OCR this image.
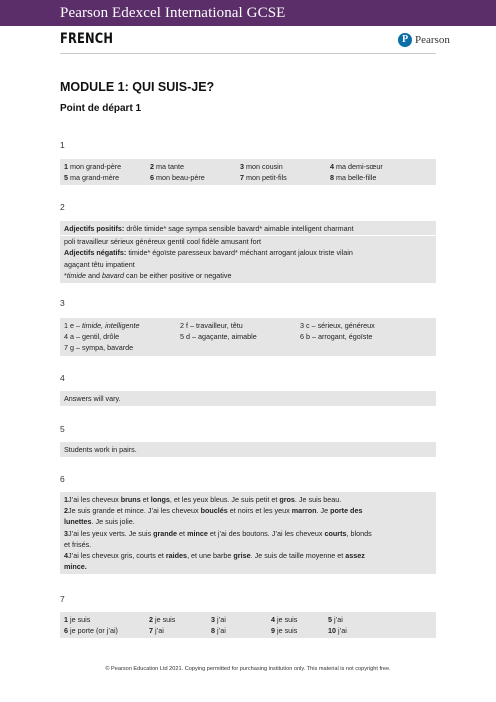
Pearson Edexcel International GCSE
FRENCH	P Pearson
MODULE 1: QUI SUIS-JE?
Point de départ 1
1
1 mon grand-père	2 ma tante	3 mon cousin	4 ma demi-sœur
5 ma grand-mère	6 mon beau-père	7 mon petit-fils	8 ma belle-fille
2
Adjectifs positifs:
drôle timide* sage sympa sensible bavard* aimable intelligent charmant
poli travailleur sérieux généreux gentil cool fidèle amusant fort
Adjectifs négatifs:
timide* égoïste paresseux bavard* méchant arrogant jaloux triste vilain
agaçant têtu impatient
* timide and bavard can be either positive or negative
3
1 e – timide, intelligente	2 f – travailleur, têtu	3 c – sérieux, généreux
4 a – gentil, drôle	5 d – agaçante, aimable	6 b – arrogant, égoïste
7 g – sympa, bavarde
4
Answers will vary.
5
Students work in pairs.
6
1 J’ai les cheveux bruns et longs , et les yeux bleus. Je suis petit et gros . Je suis beau.
2 Je suis grande et mince. J’ai les cheveux bouclés et noirs et les yeux marron . Je porte des
lunettes . Je suis jolie.
3 J’ai les yeux verts. Je suis grande et mince et j’ai des boutons. J’ai les cheveux courts , blonds
et frisés.
4 J’ai les cheveux gris, courts et raides , et une barbe grise . Je suis de taille moyenne et assez
mince.
7
1 je suis	2 je suis	3 j’ai	4 je suis	5 j’ai
6 je porte (or j’ai)	7 j’ai	8 j’ai	9 je suis	10 j’ai
© Pearson Education Ltd 2021. Copying permitted for purchasing institution only. This material is not copyright free.
